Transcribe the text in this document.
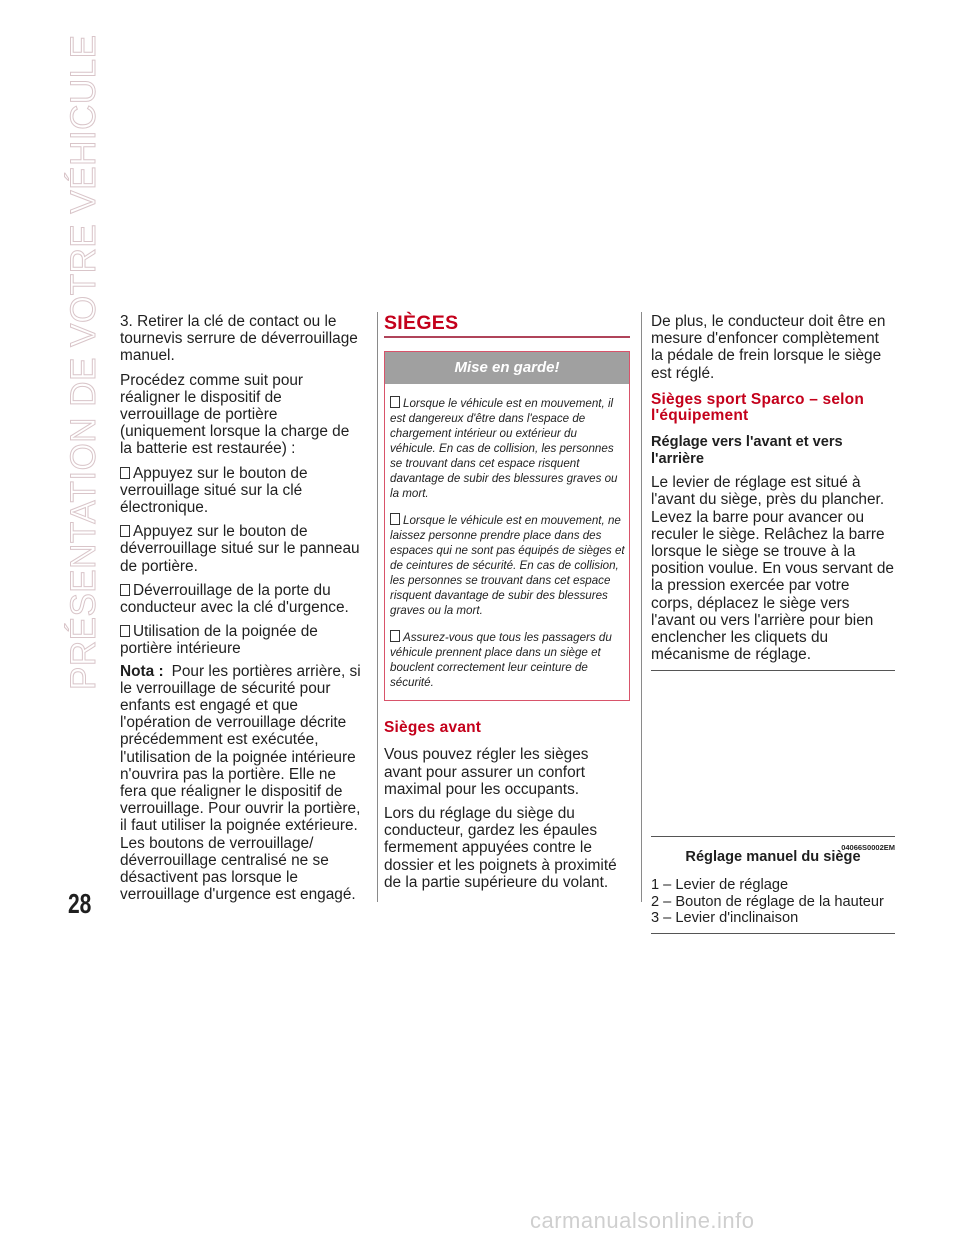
PRÉSENTATION DE VOTRE VÉHICULE
28

3. Retirer la clé de contact ou le tournevis serrure de déverrouillage manuel.

Procédez comme suit pour réaligner le dispositif de verrouillage de portière (uniquement lorsque la charge de la batterie est restaurée) :

Appuyez sur le bouton de verrouillage situé sur la clé électronique.

Appuyez sur le bouton de déverrouillage situé sur le panneau de portière.

Déverrouillage de la porte du conducteur avec la clé d'urgence.

Utilisation de la poignée de portière intérieure

Nota : Pour les portières arrière, si le verrouillage de sécurité pour enfants est engagé et que l'opération de verrouillage décrite précédemment est exécutée, l'utilisation de la poignée intérieure n'ouvrira pas la portière. Elle ne fera que réaligner le dispositif de verrouillage. Pour ouvrir la portière, il faut utiliser la poignée extérieure. Les boutons de verrouillage/ déverrouillage centralisé ne se désactivent pas lorsque le verrouillage d'urgence est engagé.

SIÈGES
Mise en garde!
Lorsque le véhicule est en mouvement, il est dangereux d'être dans l'espace de chargement intérieur ou extérieur du véhicule. En cas de collision, les personnes se trouvant dans cet espace risquent davantage de subir des blessures graves ou la mort.
Lorsque le véhicule est en mouvement, ne laissez personne prendre place dans des espaces qui ne sont pas équipés de sièges et de ceintures de sécurité. En cas de collision, les personnes se trouvant dans cet espace risquent davantage de subir des blessures graves ou la mort.
Assurez-vous que tous les passagers du véhicule prennent place dans un siège et bouclent correctement leur ceinture de sécurité.
Sièges avant

Vous pouvez régler les sièges avant pour assurer un confort maximal pour les occupants.

Lors du réglage du siège du conducteur, gardez les épaules fermement appuyées contre le dossier et les poignets à proximité de la partie supérieure du volant.

De plus, le conducteur doit être en mesure d'enfoncer complètement la pédale de frein lorsque le siège est réglé.

Sièges sport Sparco – selon l'équipement
Réglage vers l'avant et vers l'arrière

Le levier de réglage est situé à l'avant du siège, près du plancher. Levez la barre pour avancer ou reculer le siège. Relâchez la barre lorsque le siège se trouve à la position voulue. En vous servant de la pression exercée par votre corps, déplacez le siège vers l'avant ou vers l'arrière pour bien enclencher les cliquets du mécanisme de réglage.

04066S0002EM
Réglage manuel du siège
1 – Levier de réglage
2 – Bouton de réglage de la hauteur
3 – Levier d'inclinaison
carmanualsonline.info
